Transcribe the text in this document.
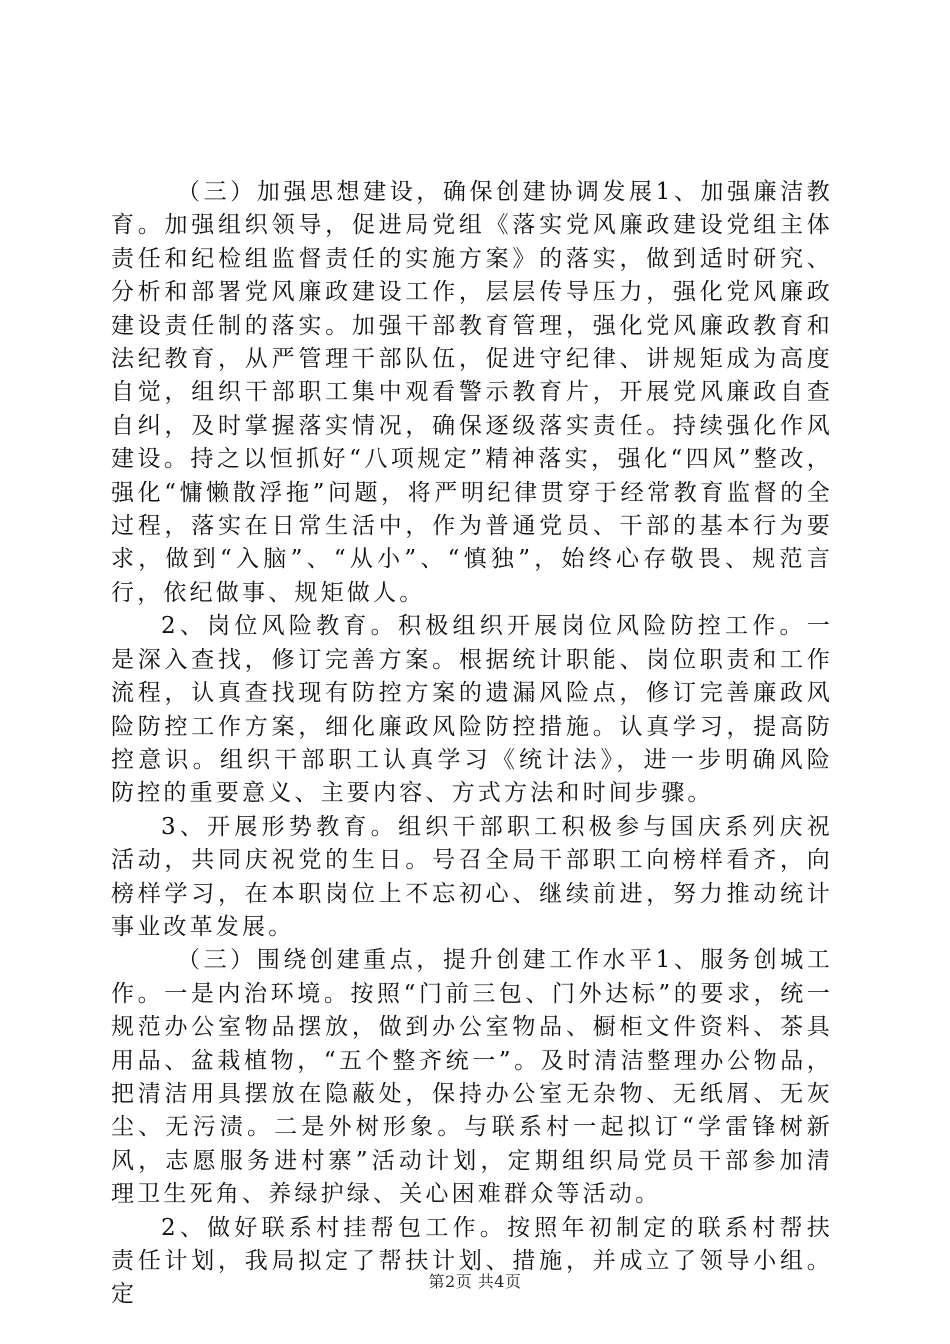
（三）加强思想建设，确保创建协调发展1、加强廉洁教育。加强组织领导，促进局党组《落实党风廉政建设党组主体责任和纪检组监督责任的实施方案》的落实，做到适时研究、分析和部署党风廉政建设工作，层层传导压力，强化党风廉政建设责任制的落实。加强干部教育管理，强化党风廉政教育和法纪教育，从严管理干部队伍，促进守纪律、讲规矩成为高度自觉，组织干部职工集中观看警示教育片，开展党风廉政自查自纠，及时掌握落实情况，确保逐级落实责任。持续强化作风建设。持之以恒抓好“八项规定”精神落实，强化“四风”整改，强化“慵懒散浮拖”问题，将严明纪律贯穿于经常教育监督的全过程，落实在日常生活中，作为普通党员、干部的基本行为要求，做到“入脑”、“从小”、“慎独”，始终心存敬畏、规范言行，依纪做事、规矩做人。

2、岗位风险教育。积极组织开展岗位风险防控工作。一是深入查找，修订完善方案。根据统计职能、岗位职责和工作流程，认真查找现有防控方案的遗漏风险点，修订完善廉政风险防控工作方案，细化廉政风险防控措施。认真学习，提高防控意识。组织干部职工认真学习《统计法》，进一步明确风险防控的重要意义、主要内容、方式方法和时间步骤。

3、开展形势教育。组织干部职工积极参与国庆系列庆祝活动，共同庆祝党的生日。号召全局干部职工向榜样看齐，向榜样学习，在本职岗位上不忘初心、继续前进，努力推动统计事业改革发展。

（三）围绕创建重点，提升创建工作水平1、服务创城工作。一是内治环境。按照“门前三包、门外达标”的要求，统一规范办公室物品摆放，做到办公室物品、橱柜文件资料、茶具用品、盆栽植物，“五个整齐统一”。及时清洁整理办公物品，把清洁用具摆放在隐蔽处，保持办公室无杂物、无纸屑、无灰尘、无污渍。二是外树形象。与联系村一起拟订“学雷锋树新风，志愿服务进村寨”活动计划，定期组织局党员干部参加清理卫生死角、养绿护绿、关心困难群众等活动。

2、做好联系村挂帮包工作。按照年初制定的联系村帮扶责任计划，我局拟定了帮扶计划、措施，并成立了领导小组。定	第2页 共4页
